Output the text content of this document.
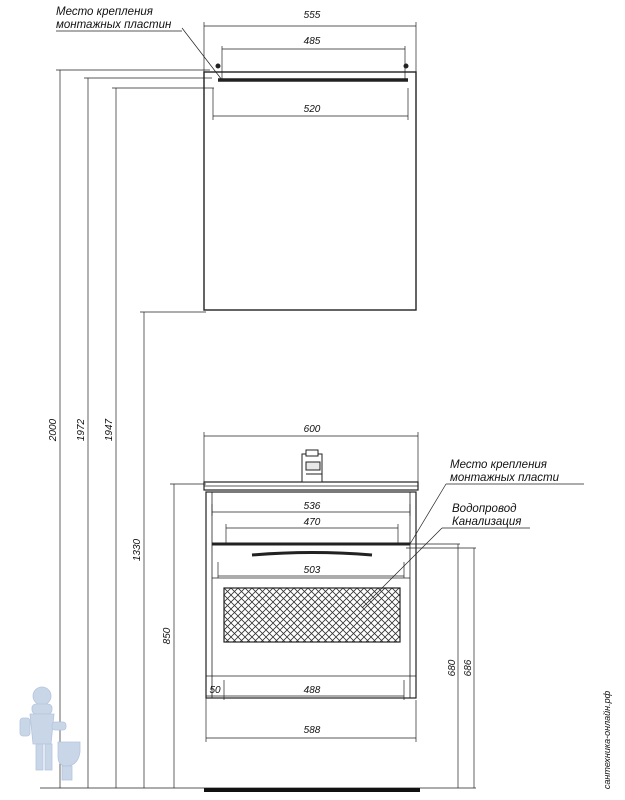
555
485
520
Место крепления
монтажных пластин
2000 1972 1947
1330
850
680 686
600
536
470
503
50	488
588
Место крепления
монтажных пласти
Водопровод
Канализация
сантехника-онлайн.рф
